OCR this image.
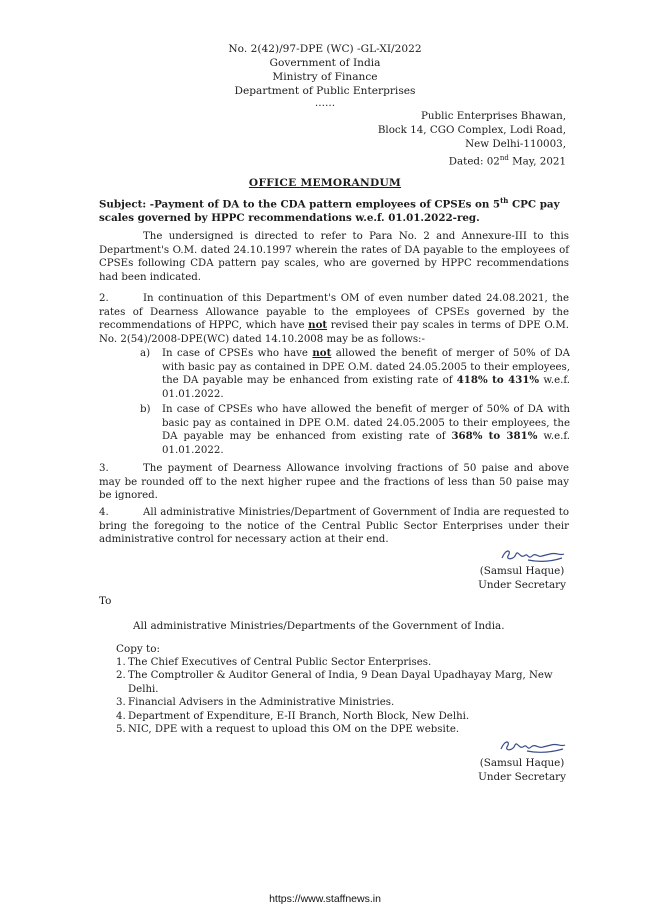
No. 2(42)/97-DPE (WC) -GL-XI/2022
Government of India
Ministry of Finance
Department of Public Enterprises
......
Public Enterprises Bhawan,
Block 14, CGO Complex, Lodi Road,
New Delhi-110003,
Dated: 02nd May, 2021
OFFICE MEMORANDUM
Subject: -Payment of DA to the CDA pattern employees of CPSEs on 5th CPC pay scales governed by HPPC recommendations w.e.f. 01.01.2022-reg.
The undersigned is directed to refer to Para No. 2 and Annexure-III to this Department's O.M. dated 24.10.1997 wherein the rates of DA payable to the employees of CPSEs following CDA pattern pay scales, who are governed by HPPC recommendations had been indicated.
2.	In continuation of this Department's OM of even number dated 24.08.2021, the rates of Dearness Allowance payable to the employees of CPSEs governed by the recommendations of HPPC, which have not revised their pay scales in terms of DPE O.M. No. 2(54)/2008-DPE(WC) dated 14.10.2008 may be as follows:-
a)	In case of CPSEs who have not allowed the benefit of merger of 50% of DA with basic pay as contained in DPE O.M. dated 24.05.2005 to their employees, the DA payable may be enhanced from existing rate of 418% to 431% w.e.f. 01.01.2022.
b)	In case of CPSEs who have allowed the benefit of merger of 50% of DA with basic pay as contained in DPE O.M. dated 24.05.2005 to their employees, the DA payable may be enhanced from existing rate of 368% to 381% w.e.f. 01.01.2022.
3.	The payment of Dearness Allowance involving fractions of 50 paise and above may be rounded off to the next higher rupee and the fractions of less than 50 paise may be ignored.
4.	All administrative Ministries/Department of Government of India are requested to bring the foregoing to the notice of the Central Public Sector Enterprises under their administrative control for necessary action at their end.
(Samsul Haque)
Under Secretary
To
All administrative Ministries/Departments of the Government of India.
Copy to:
1. The Chief Executives of Central Public Sector Enterprises.
2. The Comptroller & Auditor General of India, 9 Dean Dayal Upadhayay Marg, New Delhi.
3. Financial Advisers in the Administrative Ministries.
4. Department of Expenditure, E-II Branch, North Block, New Delhi.
5. NIC, DPE with a request to upload this OM on the DPE website.
(Samsul Haque)
Under Secretary
https://www.staffnews.in
